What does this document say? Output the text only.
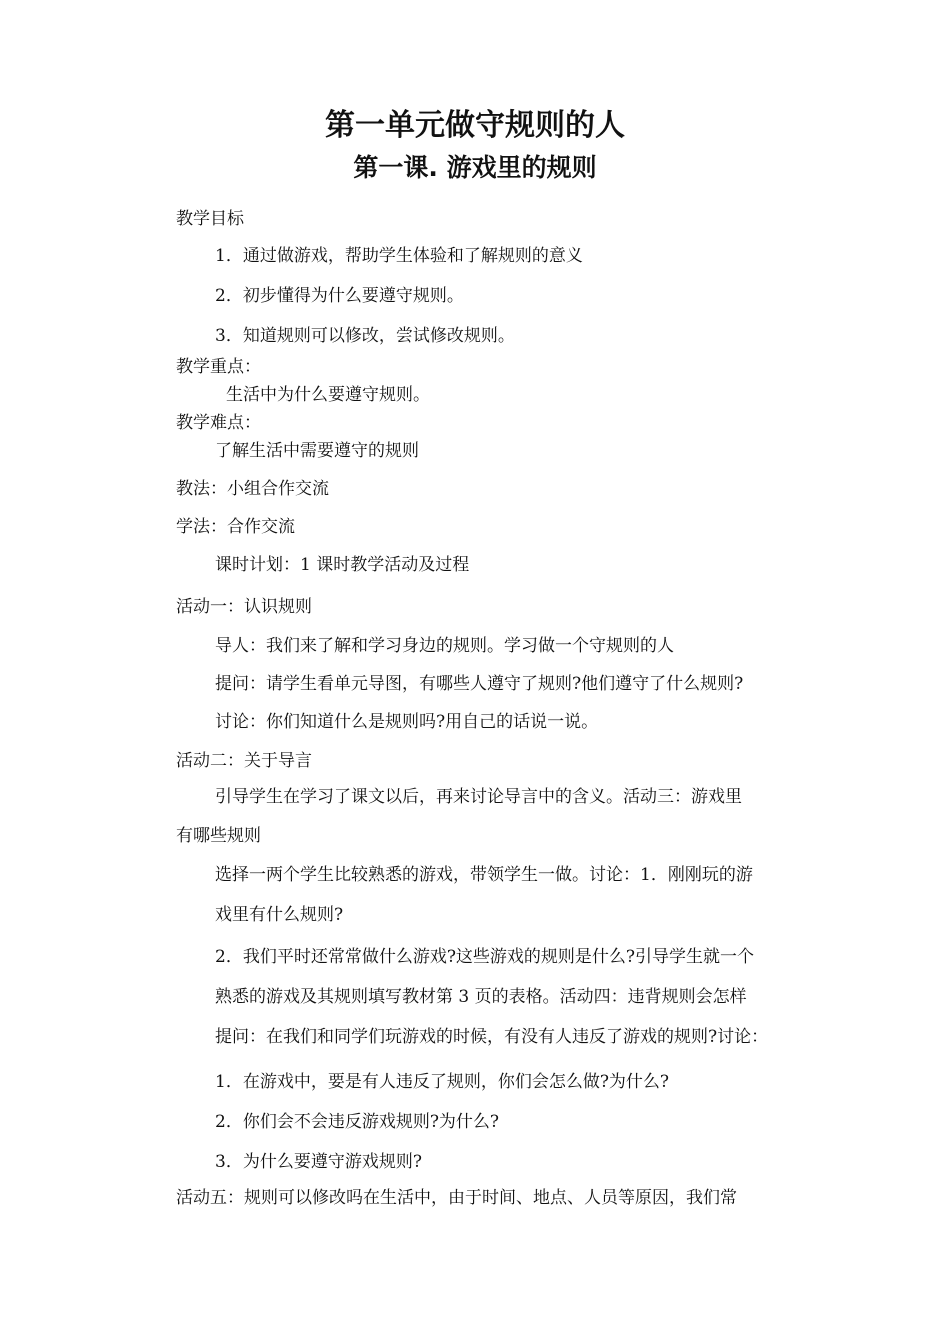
第一单元做守规则的人
第一课. 游戏里的规则
教学目标
1．通过做游戏，帮助学生体验和了解规则的意义
2．初步懂得为什么要遵守规则。
3．知道规则可以修改，尝试修改规则。
教学重点：
生活中为什么要遵守规则。
教学难点：
了解生活中需要遵守的规则
教法：小组合作交流
学法：合作交流
课时计划：1 课时教学活动及过程
活动一：认识规则
导人：我们来了解和学习身边的规则。学习做一个守规则的人
提问：请学生看单元导图，有哪些人遵守了规则?他们遵守了什么规则?
讨论：你们知道什么是规则吗?用自己的话说一说。
活动二：关于导言
引导学生在学习了课文以后，再来讨论导言中的含义。活动三：游戏里
有哪些规则
选择一两个学生比较熟悉的游戏，带领学生一做。讨论：1．刚刚玩的游
戏里有什么规则?
2．我们平时还常常做什么游戏?这些游戏的规则是什么?引导学生就一个
熟悉的游戏及其规则填写教材第 3 页的表格。活动四：违背规则会怎样
提问：在我们和同学们玩游戏的时候，有没有人违反了游戏的规则?讨论：
1．在游戏中，要是有人违反了规则，你们会怎么做?为什么?
2．你们会不会违反游戏规则?为什么?
3．为什么要遵守游戏规则?
活动五：规则可以修改吗在生活中，由于时间、地点、人员等原因，我们常
